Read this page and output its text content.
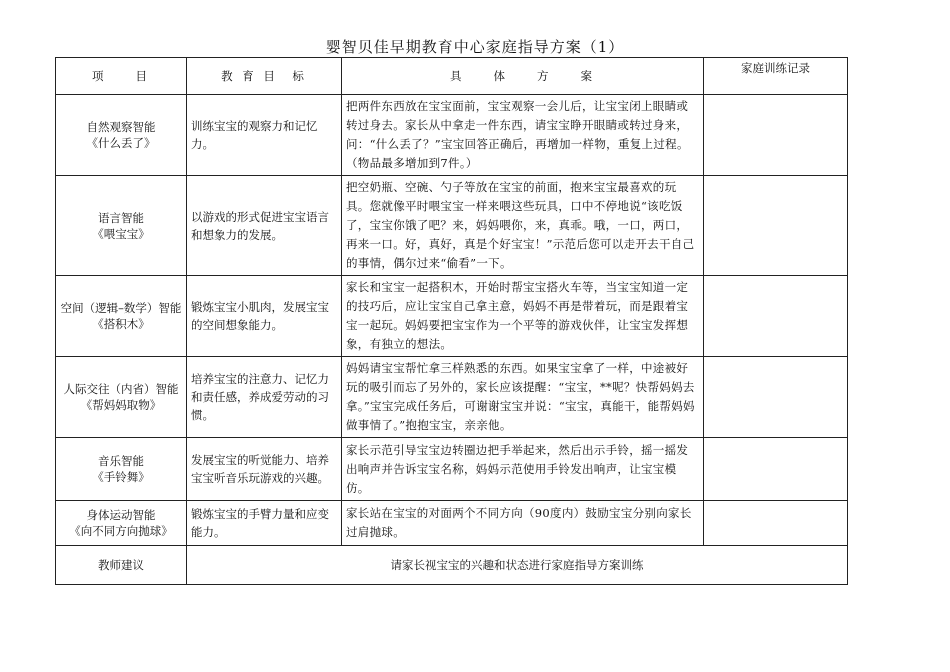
婴智贝佳早期教育中心家庭指导方案（1）
项　　目	教 育 目　标	具　　体　　方　　案	家庭训练记录

自然观察智能
《什么丢了》	训练宝宝的观察力和记忆力。	把两件东西放在宝宝面前，宝宝观察一会儿后，让宝宝闭上眼睛或转过身去。家长从中拿走一件东西，请宝宝睁开眼睛或转过身来，问：“什么丢了？”宝宝回答正确后，再增加一样物，重复上过程。（物品最多增加到7件。）	

语言智能
《喂宝宝》	以游戏的形式促进宝宝语言和想象力的发展。	把空奶瓶、空碗、勺子等放在宝宝的前面，抱来宝宝最喜欢的玩具。您就像平时喂宝宝一样来喂这些玩具，口中不停地说“该吃饭了，宝宝你饿了吧？来，妈妈喂你，来，真乖。哦，一口，两口，再来一口。好，真好，真是个好宝宝！”示范后您可以走开去干自己的事情，偶尔过来“偷看”一下。	

空间（逻辑–数学）智能
《搭积木》	锻炼宝宝小肌肉，发展宝宝的空间想象能力。	家长和宝宝一起搭积木，开始时帮宝宝搭火车等，当宝宝知道一定的技巧后，应让宝宝自己拿主意，妈妈不再是带着玩，而是跟着宝宝一起玩。妈妈要把宝宝作为一个平等的游戏伙伴，让宝宝发挥想象，有独立的想法。	

人际交往（内省）智能
《帮妈妈取物》	培养宝宝的注意力、记忆力和责任感，养成爱劳动的习惯。	妈妈请宝宝帮忙拿三样熟悉的东西。如果宝宝拿了一样，中途被好玩的吸引而忘了另外的，家长应该提醒：“宝宝，**呢？快帮妈妈去拿。”宝宝完成任务后，可谢谢宝宝并说：“宝宝，真能干，能帮妈妈做事情了。”抱抱宝宝，亲亲他。	

音乐智能
《手铃舞》	发展宝宝的听觉能力、培养宝宝听音乐玩游戏的兴趣。	家长示范引导宝宝边转圈边把手举起来，然后出示手铃，摇一摇发出响声并告诉宝宝名称，妈妈示范使用手铃发出响声，让宝宝模仿。	

身体运动智能
《向不同方向抛球》	锻炼宝宝的手臂力量和应变能力。	家长站在宝宝的对面两个不同方向（90度内）鼓励宝宝分别向家长过肩抛球。	
教师建议	请家长视宝宝的兴趣和状态进行家庭指导方案训练		
